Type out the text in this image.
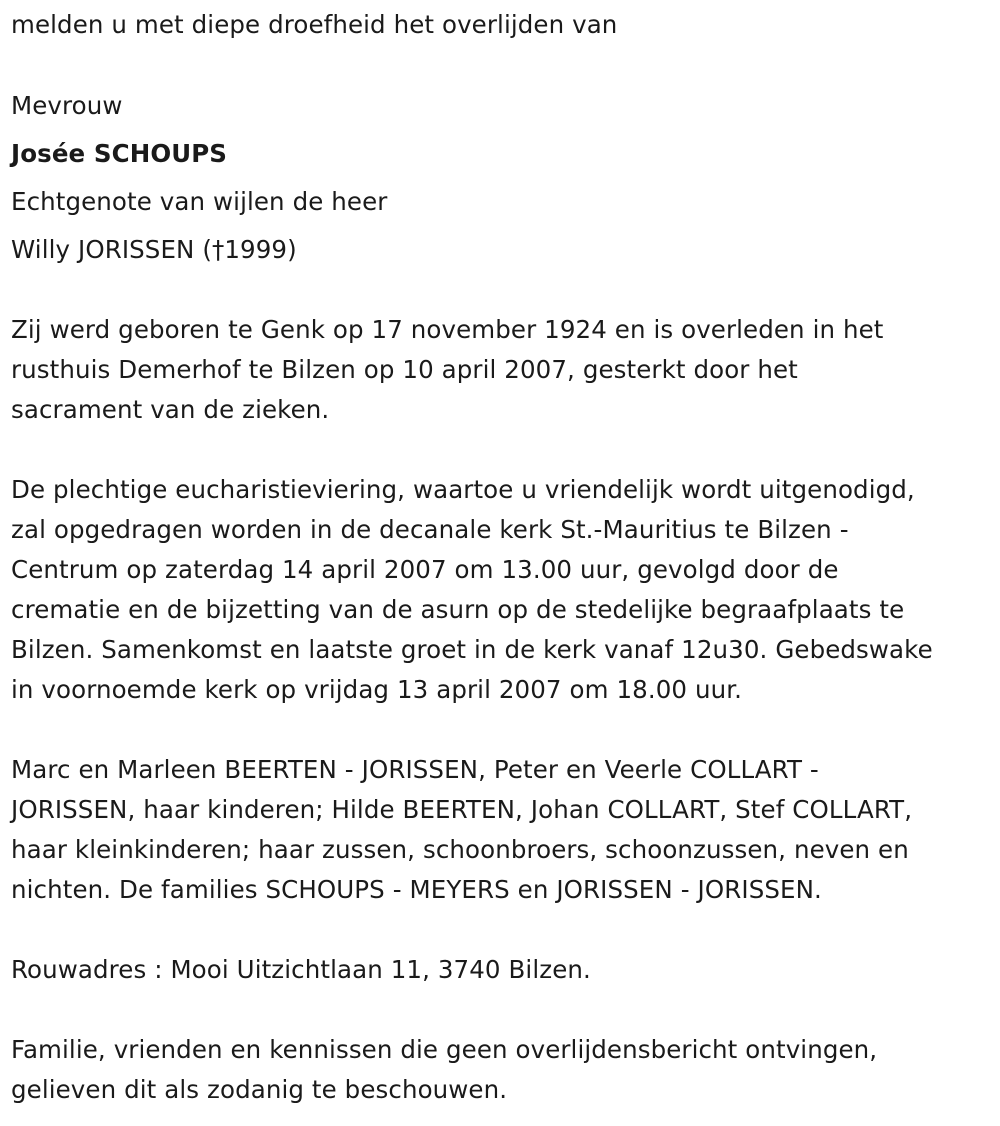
melden u met diepe droefheid het overlijden van
Mevrouw
Josée SCHOUPS
Echtgenote van wijlen de heer
Willy JORISSEN (†1999)
Zij werd geboren te Genk op 17 november 1924 en is overleden in het
rusthuis Demerhof te Bilzen op 10 april 2007, gesterkt door het
sacrament van de zieken.
De plechtige eucharistieviering, waartoe u vriendelijk wordt uitgenodigd,
zal opgedragen worden in de decanale kerk St.-Mauritius te Bilzen -
Centrum op zaterdag 14 april 2007 om 13.00 uur, gevolgd door de
crematie en de bijzetting van de asurn op de stedelijke begraafplaats te
Bilzen. Samenkomst en laatste groet in de kerk vanaf 12u30. Gebedswake
in voornoemde kerk op vrijdag 13 april 2007 om 18.00 uur.
Marc en Marleen BEERTEN - JORISSEN, Peter en Veerle COLLART -
JORISSEN, haar kinderen; Hilde BEERTEN, Johan COLLART, Stef COLLART,
haar kleinkinderen; haar zussen, schoonbroers, schoonzussen, neven en
nichten. De families SCHOUPS - MEYERS en JORISSEN - JORISSEN.
Rouwadres : Mooi Uitzichtlaan 11, 3740 Bilzen.
Familie, vrienden en kennissen die geen overlijdensbericht ontvingen,
gelieven dit als zodanig te beschouwen.
